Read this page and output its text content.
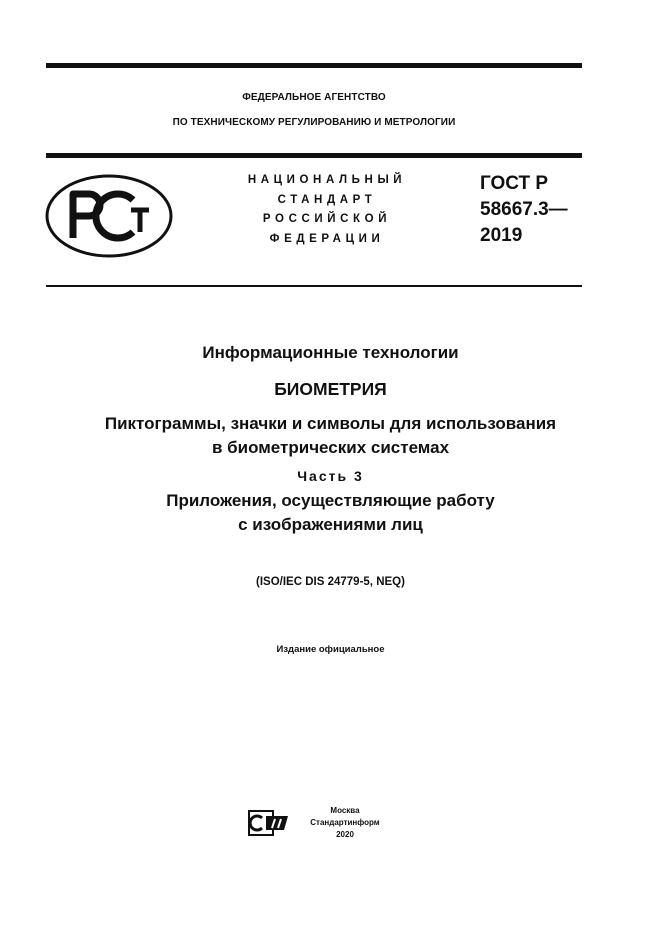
ФЕДЕРАЛЬНОЕ АГЕНТСТВО
ПО ТЕХНИЧЕСКОМУ РЕГУЛИРОВАНИЮ И МЕТРОЛОГИИ
НАЦИОНАЛЬНЫЙ
СТАНДАРТ
РОССИЙСКОЙ
ФЕДЕРАЦИИ
ГОСТ Р
58667.3—
2019
Информационные технологии
БИОМЕТРИЯ
Пиктограммы, значки и символы для использования
в биометрических системах
Часть 3
Приложения, осуществляющие работу
с изображениями лиц
(ISO/IEC DIS 24779-5, NEQ)
Издание официальное
Москва
Стандартинформ
2020
